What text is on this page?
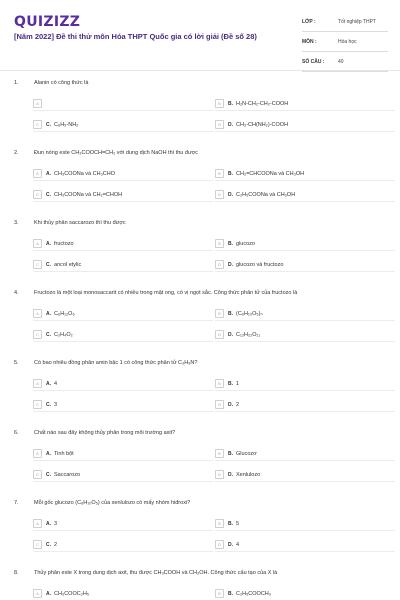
QUIZIZZ
[Năm 2022] Đề thi thử môn Hóa THPT Quốc gia có lời giải (Đề số 28)
LỚP :	Tốt nghiệp THPT
MÔN :	Hóa học
SỐ CÂU :	40
1.	Alanin có công thức là
A	B	B . H₂N-CH₂-CH₂-COOH
C	C . C₆H₅-NH₂	D	D . CH₃-CH(NH₂)-COOH
2.	Đun nóng este CH₃COOCH=CH₂ với dung dịch NaOH thì thu được
A	A . CH₃COONa và CH₃CHO	B	B . CH₂=CHCOONa và CH₃OH
C	C . CH₃COONa và CH₂=CHOH	D	D . C₂H₅COONa và CH₃OH
3.	Khi thủy phân saccarozo thì thu được
A	A . fructozo	B	B . glucozo
C	C . ancol etylic	D	D . glucozo và fructozo
4.	Fructozo là một loại monosaccarit có nhiều trong mật ong, có vị ngọt sắc. Công thức phân tử của fructozo là
A	A . C₆H₁₂O₆	B	B . (C₆H₁₀O₅)ₙ
C	C . C₂H₄O₂	D	D . C₁₂H₂₂O₁₁
5.	Có bao nhiêu đồng phân amin bậc 1 có công thức phân tử C₃H₉N?
A	A . 4	B	B . 1
C	C . 3	D	D . 2
6.	Chất nào sau đây không thủy phân trong môi trường axit?
A	A . Tinh bột	B	B . Glucozơ
C	C . Saccarozo	D	D . Xenlulozo
7.	Mỗi gốc glucozo (C₆H₁₀O₅) của xenlulozo có mấy nhóm hiđroxi?
A	A . 3	B	B . 5
C	C . 2	D	D . 4
8.	Thủy phân este X trong dung dịch axit, thu được CH₃COOH và CH₃OH. Công thức cấu tạo của X là
A	A . CH₃COOC₂H₅	B	B . C₂H₅COOCH₃
